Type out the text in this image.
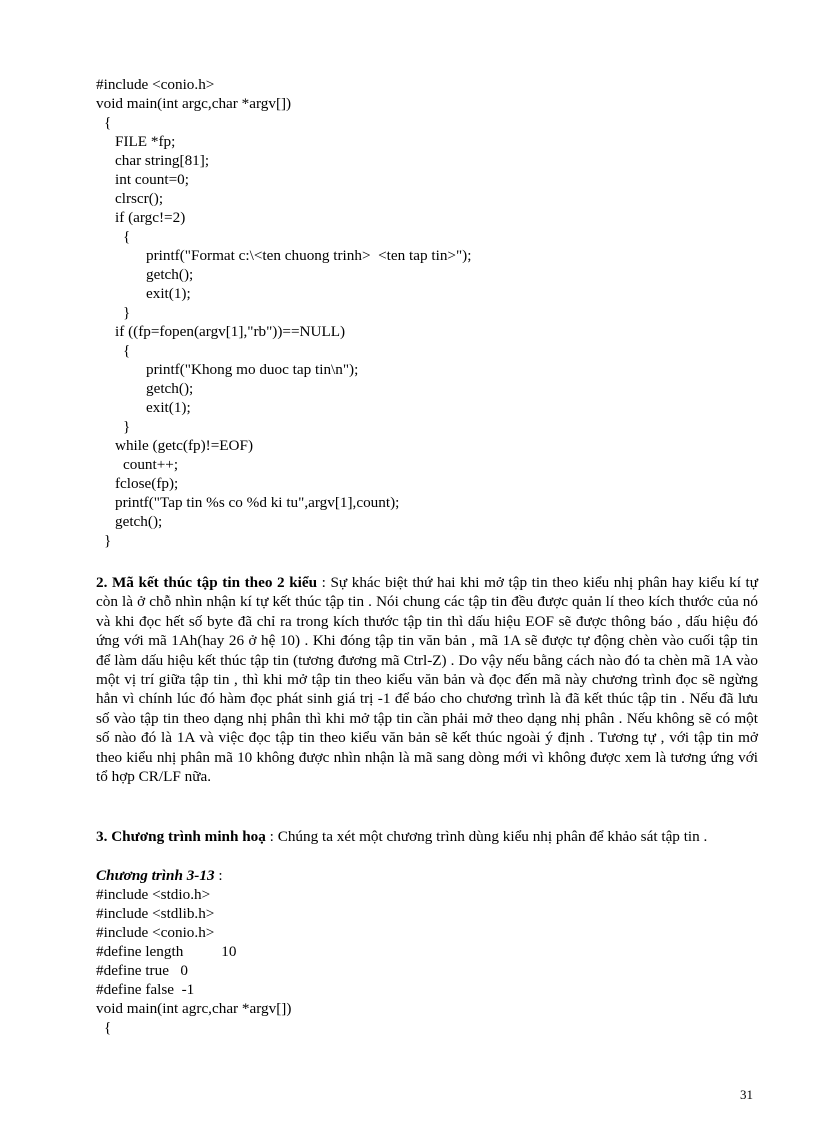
#include <conio.h>
void main(int argc,char *argv[])
{
FILE *fp;
char string[81];
int count=0;
clrscr();
if (argc!=2)
{
printf("Format c:\<ten chuong trinh>  <ten tap tin>");
getch();
exit(1);
}
if ((fp=fopen(argv[1],"rb"))==NULL)
{
printf("Khong mo duoc tap tin\n");
getch();
exit(1);
}
while (getc(fp)!=EOF)
count++;
fclose(fp);
printf("Tap tin %s co %d ki tu",argv[1],count);
getch();
}
2. Mã kết thúc tập tin theo 2 kiểu : Sự khác biệt thứ hai khi mở tập tin theo kiểu nhị phân hay kiểu kí tự còn là ở chỗ nhìn nhận kí tự kết thúc tập tin . Nói chung các tập tin đều được quản lí theo kích thước của nó và khi đọc hết số byte đã chỉ ra trong kích thước tập tin thì dấu hiệu EOF sẽ được thông báo , dấu hiệu đó ứng với mã 1Ah(hay 26 ở hệ 10) . Khi đóng tập tin văn bản , mã 1A sẽ được tự động chèn vào cuối tập tin để làm dấu hiệu kết thúc tập tin (tương đương mã Ctrl-Z) . Do vậy nếu bằng cách nào đó ta chèn mã 1A vào một vị trí giữa tập tin , thì khi mở tập tin theo kiểu văn bản và đọc đến mã này chương trình đọc sẽ ngừng hẳn vì chính lúc đó hàm đọc phát sinh giá trị -1 để báo cho chương trình là đã kết thúc tập tin . Nếu đã lưu số vào tập tin theo dạng nhị phân thì khi mở tập tin cần phải mở theo dạng nhị phân . Nếu không sẽ có một số nào đó là 1A và việc đọc tập tin theo kiểu văn bản sẽ kết thúc ngoài ý định . Tương tự , với tập tin mở theo kiểu nhị phân mã 10 không được nhìn nhận là mã sang dòng mới vì không được xem là tương ứng với tổ hợp CR/LF nữa.
3. Chương trình minh hoạ : Chúng ta xét một chương trình dùng kiểu nhị phân để khảo sát tập tin .
Chương trình 3-13 :
#include <stdio.h>
#include <stdlib.h>
#include <conio.h>
#define length          10
#define true   0
#define false  -1
void main(int agrc,char *argv[])
{
31
